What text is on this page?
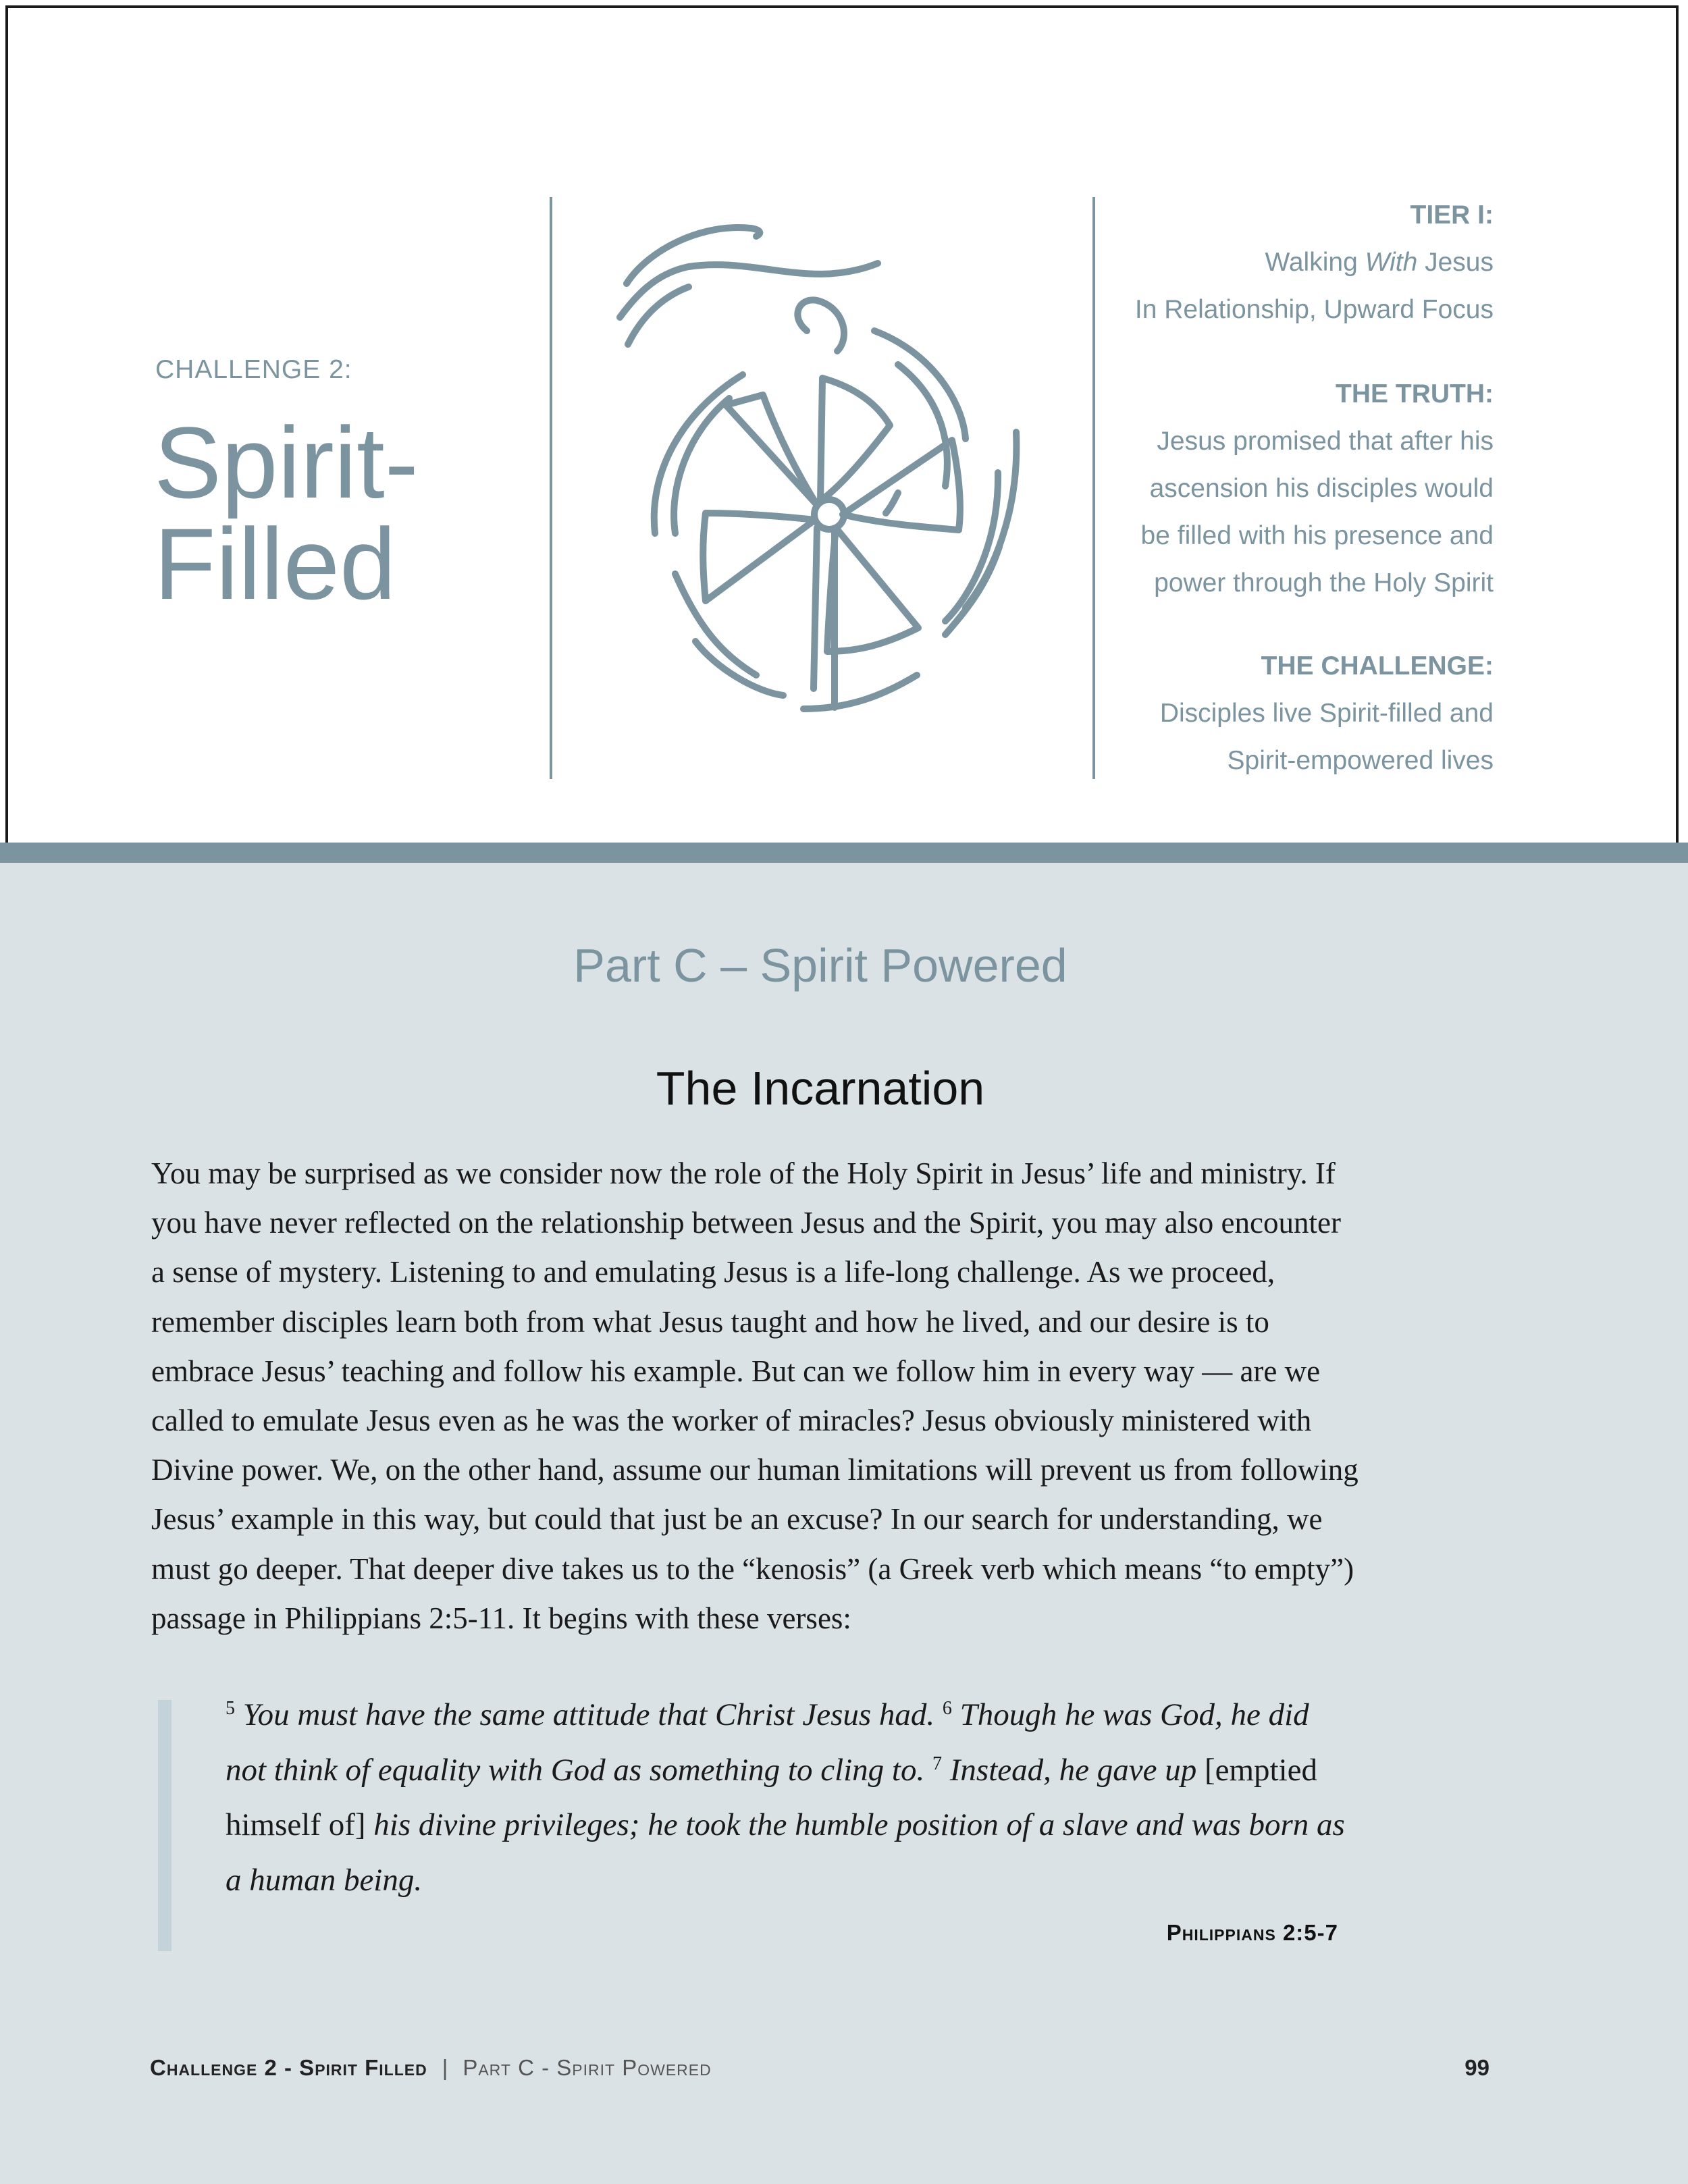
CHALLENGE 2:
Spirit-
Filled
TIER I:
Walking With Jesus
In Relationship, Upward Focus
THE TRUTH:
Jesus promised that after his
ascension his disciples would
be filled with his presence and
power through the Holy Spirit
THE CHALLENGE:
Disciples live Spirit-filled and
Spirit-empowered lives
Part C – Spirit Powered
The Incarnation
You may be surprised as we consider now the role of the Holy Spirit in Jesus’ life and ministry. If
you have never reflected on the relationship between Jesus and the Spirit, you may also encounter
a sense of mystery. Listening to and emulating Jesus is a life-long challenge. As we proceed,
remember disciples learn both from what Jesus taught and how he lived, and our desire is to
embrace Jesus’ teaching and follow his example. But can we follow him in every way — are we
called to emulate Jesus even as he was the worker of miracles? Jesus obviously ministered with
Divine power. We, on the other hand, assume our human limitations will prevent us from following
Jesus’ example in this way, but could that just be an excuse? In our search for understanding, we
must go deeper. That deeper dive takes us to the “kenosis” (a Greek verb which means “to empty”)
passage in Philippians 2:5-11. It begins with these verses:
$^5$ You must have the same attitude that Christ Jesus had. $^6$ Though he was God, he did
not think of equality with God as something to cling to. $^7$ Instead, he gave up [emptied
himself of] his divine privileges; he took the humble position of a slave and was born as
a human being.
Philippians 2:5-7
Challenge 2 - Spirit Filled | Part C - Spirit Powered	99
